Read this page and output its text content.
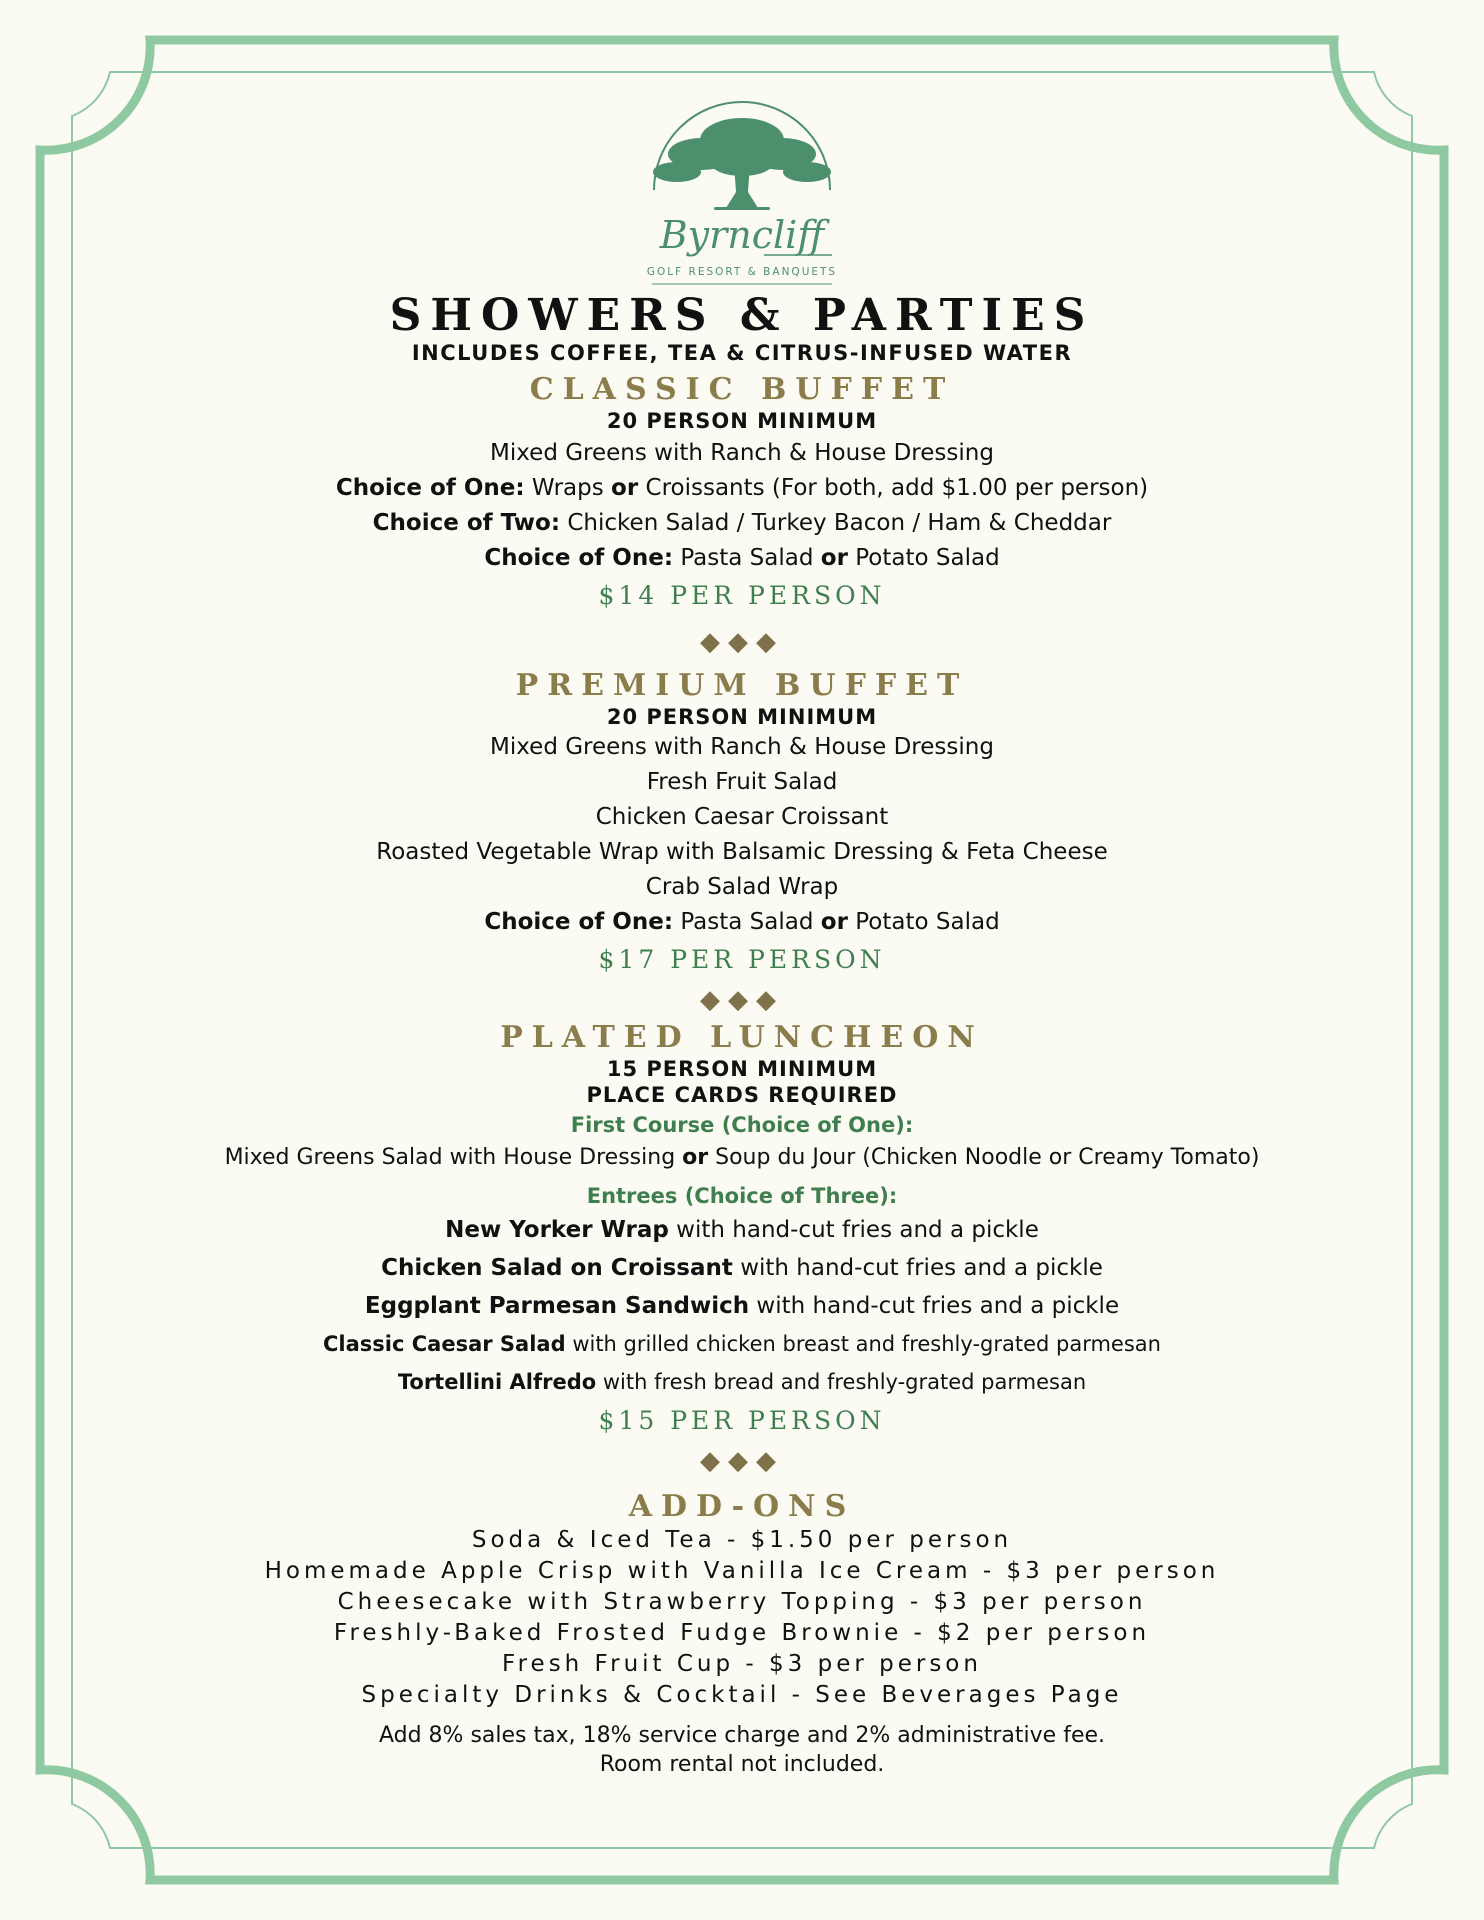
Byrncliff
GOLF RESORT & BANQUETS
SHOWERS & PARTIES
INCLUDES COFFEE, TEA & CITRUS-INFUSED WATER
CLASSIC BUFFET
20 PERSON MINIMUM
Mixed Greens with Ranch & House Dressing
Choice of One: Wraps or Croissants (For both, add $1.00 per person)
Choice of Two: Chicken Salad / Turkey Bacon / Ham & Cheddar
Choice of One: Pasta Salad or Potato Salad
$14 PER PERSON
◆◆◆
PREMIUM BUFFET
20 PERSON MINIMUM
Mixed Greens with Ranch & House Dressing
Fresh Fruit Salad
Chicken Caesar Croissant
Roasted Vegetable Wrap with Balsamic Dressing & Feta Cheese
Crab Salad Wrap
Choice of One: Pasta Salad or Potato Salad
$17 PER PERSON
◆◆◆
PLATED LUNCHEON
15 PERSON MINIMUM
PLACE CARDS REQUIRED
First Course (Choice of One):
Mixed Greens Salad with House Dressing or Soup du Jour (Chicken Noodle or Creamy Tomato)
Entrees (Choice of Three):
New Yorker Wrap with hand-cut fries and a pickle
Chicken Salad on Croissant with hand-cut fries and a pickle
Eggplant Parmesan Sandwich with hand-cut fries and a pickle
Classic Caesar Salad with grilled chicken breast and freshly-grated parmesan
Tortellini Alfredo with fresh bread and freshly-grated parmesan
$15 PER PERSON
◆◆◆
ADD-ONS
Soda & Iced Tea - $1.50 per person
Homemade Apple Crisp with Vanilla Ice Cream - $3 per person
Cheesecake with Strawberry Topping - $3 per person
Freshly-Baked Frosted Fudge Brownie - $2 per person
Fresh Fruit Cup - $3 per person
Specialty Drinks & Cocktail - See Beverages Page
Add 8% sales tax, 18% service charge and 2% administrative fee.
Room rental not included.
